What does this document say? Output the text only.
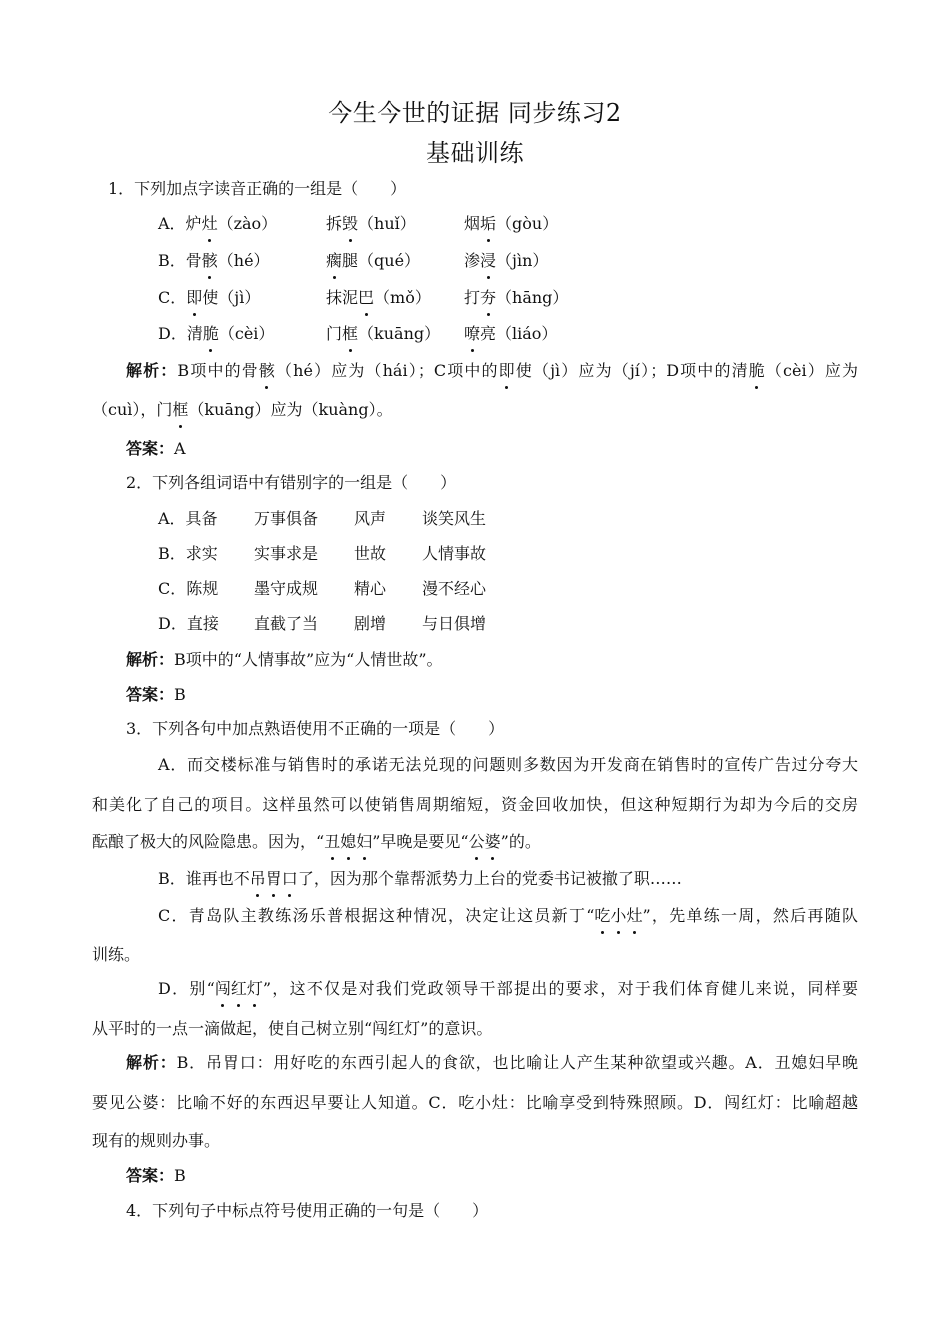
今生今世的证据 同步练习2
基础训练
1．下列加点字读音正确的一组是（　　）
A．炉灶（zào）	拆毁（huǐ）	烟垢（gòu）
B．骨骸（hé）	瘸腿（qué）	渗浸（jìn）
C．即使（jì）	抹泥巴（mǒ） 打夯（hāng）
D．清脆（cèi）	门框（kuāng） 嘹亮（liáo）
解析：B项中的骨骸（hé）应为（hái）；C项中的即使（jì）应为（jí）；D项中的清脆（cèi）应为
（cuì），门框（kuāng）应为（kuàng）。
答案：A
2．下列各组词语中有错别字的一组是（　　）
A．具备 万事俱备 风声 谈笑风生
B．求实 实事求是 世故 人情事故
C．陈规 墨守成规 精心 漫不经心
D．直接 直截了当 剧增 与日俱增
解析：B项中的“人情事故”应为“人情世故”。
答案：B
3．下列各句中加点熟语使用不正确的一项是（　　）
A．而交楼标准与销售时的承诺无法兑现的问题则多数因为开发商在销售时的宣传广告过分夸大
和美化了自己的项目。这样虽然可以使销售周期缩短，资金回收加快，但这种短期行为却为今后的交房
酝酿了极大的风险隐患。因为，“丑媳妇”早晚是要见“公婆”的。
B．谁再也不吊胃口了，因为那个靠帮派势力上台的党委书记被撤了职……
C．青岛队主教练汤乐普根据这种情况，决定让这员新丁“吃小灶”，先单练一周，然后再随队
训练。
D．别“闯红灯”，这不仅是对我们党政领导干部提出的要求，对于我们体育健儿来说，同样要
从平时的一点一滴做起，使自己树立别“闯红灯”的意识。
解析：B．吊胃口：用好吃的东西引起人的食欲，也比喻让人产生某种欲望或兴趣。A．丑媳妇早晚
要见公婆：比喻不好的东西迟早要让人知道。C．吃小灶：比喻享受到特殊照顾。D．闯红灯：比喻超越
现有的规则办事。
答案：B
4．下列句子中标点符号使用正确的一句是（　　）
